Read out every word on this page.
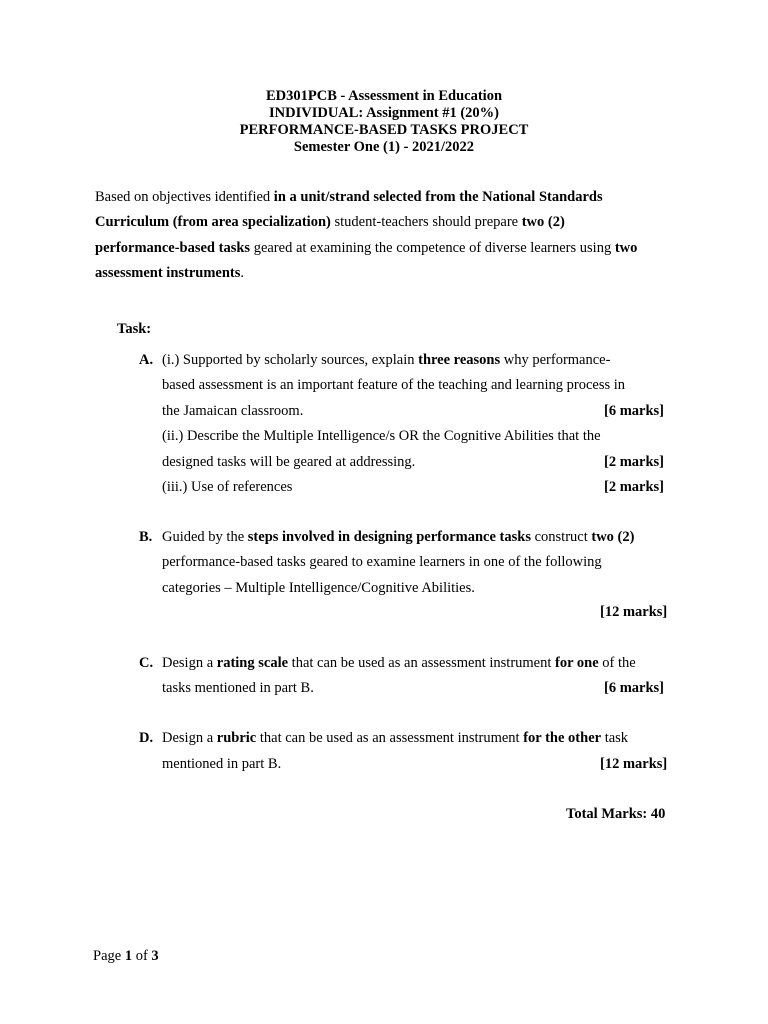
ED301PCB - Assessment in Education
INDIVIDUAL: Assignment #1 (20%)
PERFORMANCE-BASED TASKS PROJECT
Semester One (1) - 2021/2022
Based on objectives identified in a unit/strand selected from the National Standards
Curriculum (from area specialization) student-teachers should prepare two (2)
performance-based tasks geared at examining the competence of diverse learners using two
assessment instruments.
Task:
A. (i.) Supported by scholarly sources, explain three reasons why performance-
based assessment is an important feature of the teaching and learning process in
the Jamaican classroom.	[6 marks]
(ii.) Describe the Multiple Intelligence/s OR the Cognitive Abilities that the
designed tasks will be geared at addressing.	[2 marks]
(iii.) Use of references	[2 marks]
B. Guided by the steps involved in designing performance tasks construct two (2)
performance-based tasks geared to examine learners in one of the following
categories – Multiple Intelligence/Cognitive Abilities.
[12 marks]
C. Design a rating scale that can be used as an assessment instrument for one of the
tasks mentioned in part B.	[6 marks]
D. Design a rubric that can be used as an assessment instrument for the other task
mentioned in part B.	[12 marks]
Total Marks: 40
Page 1 of 3
